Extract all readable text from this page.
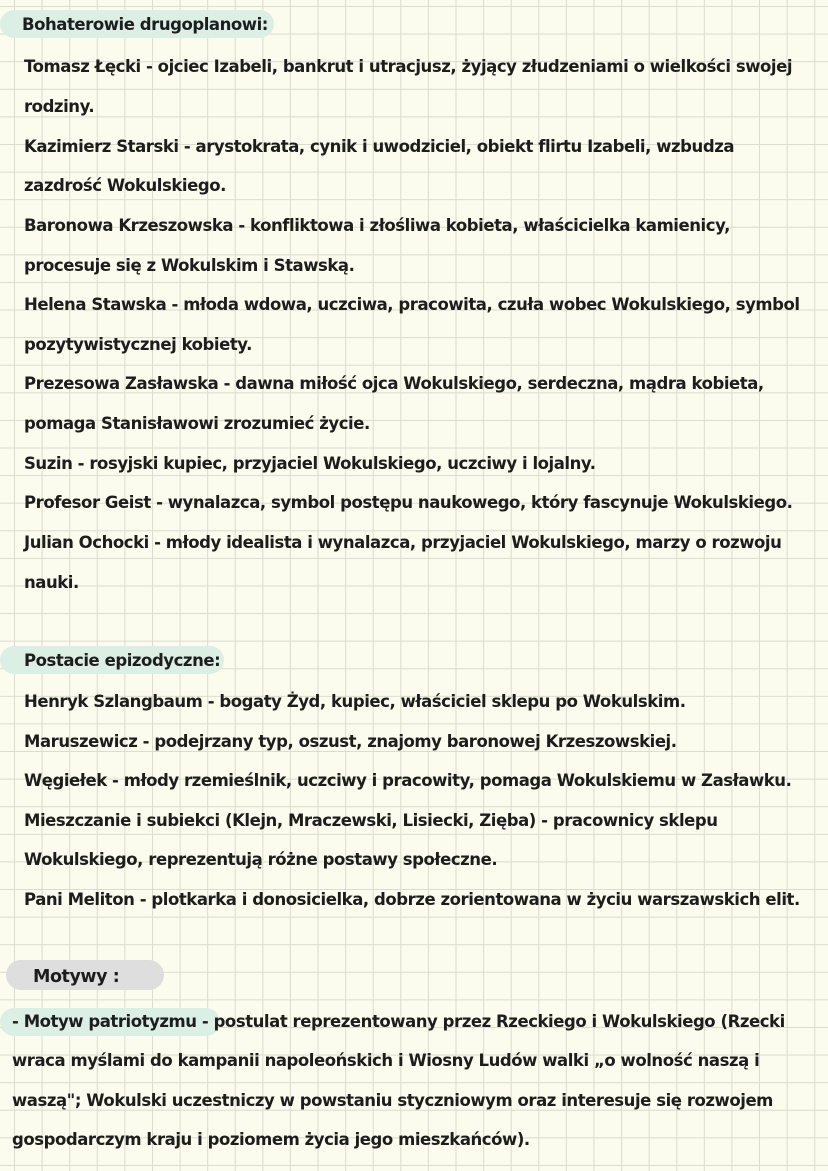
Bohaterowie drugoplanowi:
Tomasz Łęcki - ojciec Izabeli, bankrut i utracjusz, żyjący złudzeniami o wielkości swojej
rodziny.
Kazimierz Starski - arystokrata, cynik i uwodziciel, obiekt flirtu Izabeli, wzbudza
zazdrość Wokulskiego.
Baronowa Krzeszowska - konfliktowa i złośliwa kobieta, właścicielka kamienicy,
procesuje się z Wokulskim i Stawską.
Helena Stawska - młoda wdowa, uczciwa, pracowita, czuła wobec Wokulskiego, symbol
pozytywistycznej kobiety.
Prezesowa Zasławska - dawna miłość ojca Wokulskiego, serdeczna, mądra kobieta,
pomaga Stanisławowi zrozumieć życie.
Suzin - rosyjski kupiec, przyjaciel Wokulskiego, uczciwy i lojalny.
Profesor Geist - wynalazca, symbol postępu naukowego, który fascynuje Wokulskiego.
Julian Ochocki - młody idealista i wynalazca, przyjaciel Wokulskiego, marzy o rozwoju
nauki.
Postacie epizodyczne:
Henryk Szlangbaum - bogaty Żyd, kupiec, właściciel sklepu po Wokulskim.
Maruszewicz - podejrzany typ, oszust, znajomy baronowej Krzeszowskiej.
Węgiełek - młody rzemieślnik, uczciwy i pracowity, pomaga Wokulskiemu w Zasławku.
Mieszczanie i subiekci (Klejn, Mraczewski, Lisiecki, Zięba) - pracownicy sklepu
Wokulskiego, reprezentują różne postawy społeczne.
Pani Meliton - plotkarka i donosicielka, dobrze zorientowana w życiu warszawskich elit.
Motywy :
- Motyw patriotyzmu - postulat reprezentowany przez Rzeckiego i Wokulskiego (Rzecki
wraca myślami do kampanii napoleońskich i Wiosny Ludów walki „o wolność naszą i
waszą"; Wokulski uczestniczy w powstaniu styczniowym oraz interesuje się rozwojem
gospodarczym kraju i poziomem życia jego mieszkańców).
